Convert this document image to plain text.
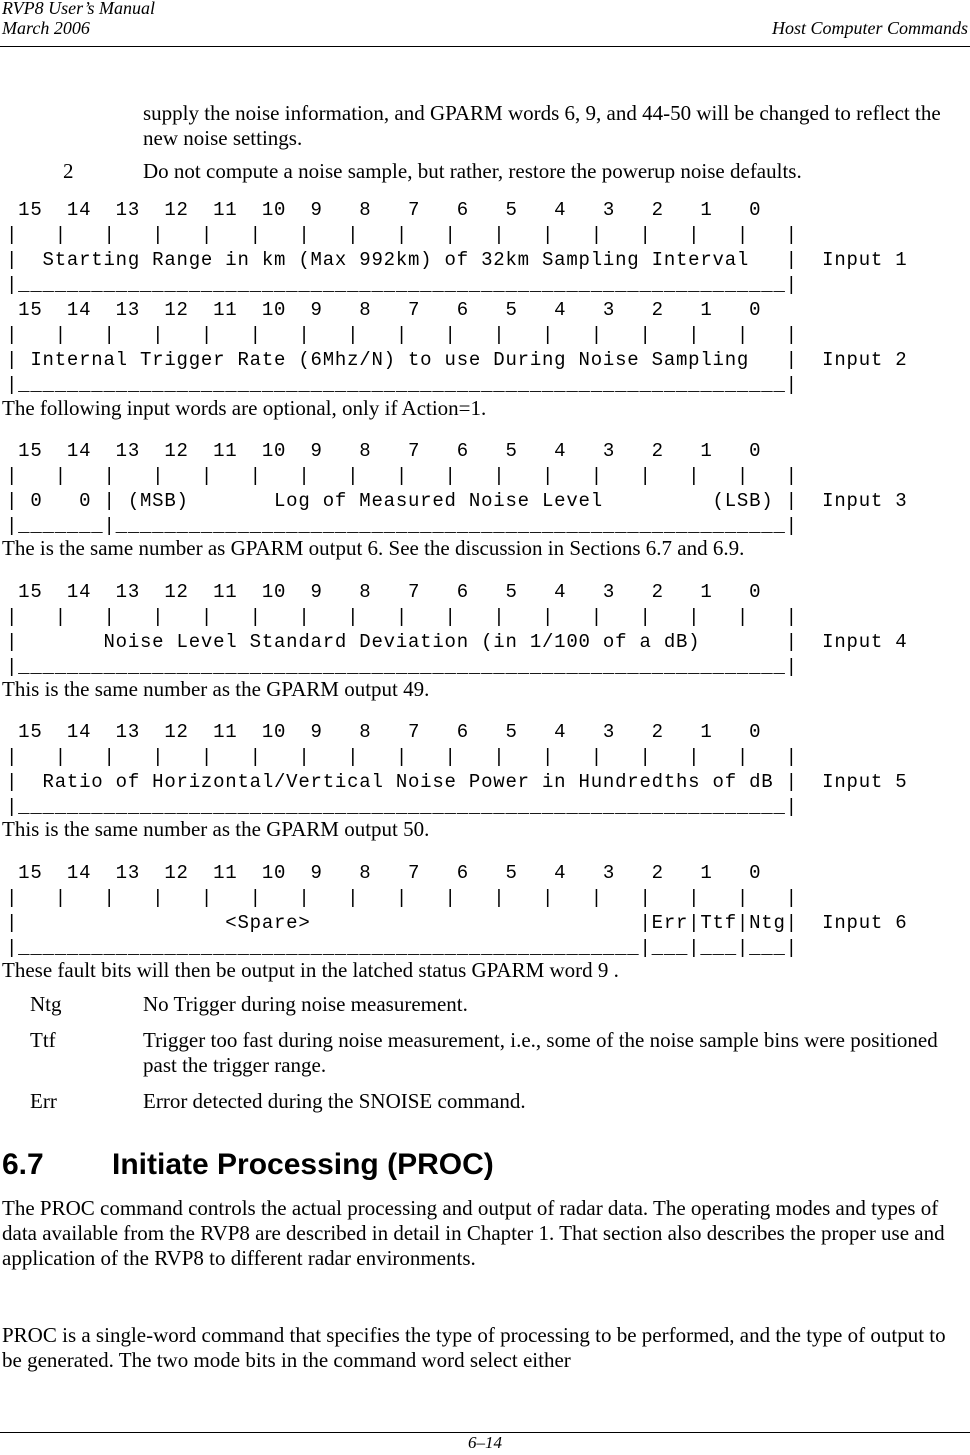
RVP8 User’s Manual
March 2006	Host Computer Commands

supply the noise information, and GPARM words 6, 9, and 44-50 will be changed to reflect the new noise settings.

2	Do not compute a noise sample, but rather, restore the powerup noise defaults.
15  14  13  12  11  10  9   8   7   6   5   4   3   2   1   0
|   |   |   |   |   |   |   |   |   |   |   |   |   |   |   |   |
|  Starting Range in km (Max 992km) of 32km Sampling Interval   |  Input 1
|_______________________________________________________________|
15  14  13  12  11  10  9   8   7   6   5   4   3   2   1   0
|   |   |   |   |   |   |   |   |   |   |   |   |   |   |   |   |
| Internal Trigger Rate (6Mhz/N) to use During Noise Sampling   |  Input 2
|_______________________________________________________________|
The following input words are optional, only if Action=1.
15  14  13  12  11  10  9   8   7   6   5   4   3   2   1   0
|   |   |   |   |   |   |   |   |   |   |   |   |   |   |   |   |
| 0   0 | (MSB)       Log of Measured Noise Level         (LSB) |  Input 3
|_______|_______________________________________________________|
The is the same number as GPARM output 6. See the discussion in Sections 6.7 and 6.9.
15  14  13  12  11  10  9   8   7   6   5   4   3   2   1   0
|   |   |   |   |   |   |   |   |   |   |   |   |   |   |   |   |
|       Noise Level Standard Deviation (in 1/100 of a dB)       |  Input 4
|_______________________________________________________________|
This is the same number as the GPARM output 49.
15  14  13  12  11  10  9   8   7   6   5   4   3   2   1   0
|   |   |   |   |   |   |   |   |   |   |   |   |   |   |   |   |
|  Ratio of Horizontal/Vertical Noise Power in Hundredths of dB |  Input 5
|_______________________________________________________________|
This is the same number as the GPARM output 50.
15  14  13  12  11  10  9   8   7   6   5   4   3   2   1   0
|   |   |   |   |   |   |   |   |   |   |   |   |   |   |   |   |
|                 <Spare>                           |Err|Ttf|Ntg|  Input 6
|___________________________________________________|___|___|___|
These fault bits will then be output in the latched status GPARM word 9 .
Ntg	No Trigger during noise measurement.
Ttf	Trigger too fast during noise measurement, i.e., some of the noise sample bins were positioned past the trigger range.
Err	Error detected during the SNOISE command.
6.7 Initiate Processing (PROC)

The PROC command controls the actual processing and output of radar data. The operating modes and types of data available from the RVP8 are described in detail in Chapter 1. That section also describes the proper use and application of the RVP8 to different radar environments.

PROC is a single-word command that specifies the type of processing to be performed, and the type of output to be generated. The two mode bits in the command word select either

6–14
